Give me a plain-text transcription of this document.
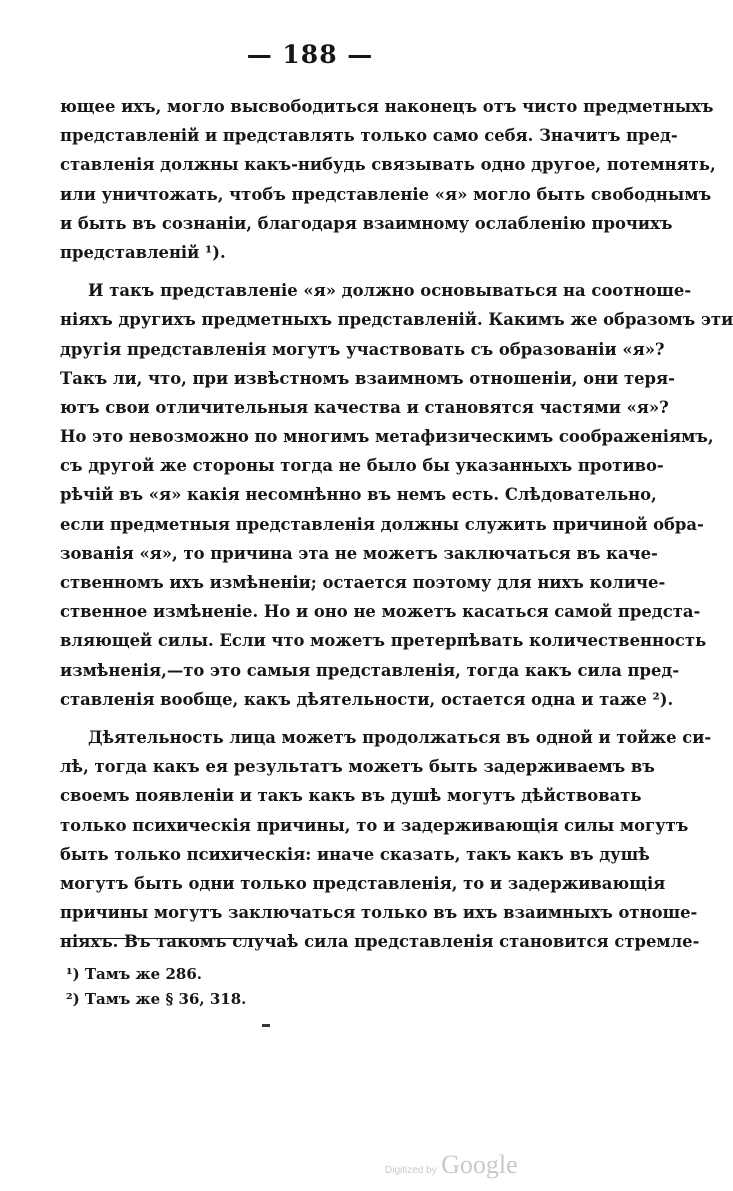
— 188 —
ющее ихъ, могло высвободиться наконецъ отъ чисто предметныхъ
представленій и представлять только само себя. Значитъ пред-
ставленія должны какъ-нибудь связывать одно другое, потемнять,
или уничтожать, чтобъ представленіе «я» могло быть свободнымъ
и быть въ сознаніи, благодаря взаимному ослабленію прочихъ
представленій ¹).
И такъ представленіе «я» должно основываться на соотноше-
ніяхъ другихъ предметныхъ представленій. Какимъ же образомъ эти
другія представленія могутъ участвовать съ образованіи «я»?
Такъ ли, что, при извѣстномъ взаимномъ отношеніи, они теря-
ютъ свои отличительныя качества и становятся частями «я»?
Но это невозможно по многимъ метафизическимъ соображеніямъ,
съ другой же стороны тогда не было бы указанныхъ противо-
рѣчій въ «я» какія несомнѣнно въ немъ есть. Слѣдовательно,
если предметныя представленія должны служить причиной обра-
зованія «я», то причина эта не можетъ заключаться въ каче-
ственномъ ихъ измѣненіи; остается поэтому для нихъ количе-
ственное измѣненіе. Но и оно не можетъ касаться самой предста-
вляющей силы. Если что можетъ претерпѣвать количественность
измѣненія,—то это самыя представленія, тогда какъ сила пред-
ставленія вообще, какъ дѣятельности, остается одна и таже ²).
Дѣятельность лица можетъ продолжаться въ одной и тойже си-
лѣ, тогда какъ ея результатъ можетъ быть задерживаемъ въ
своемъ появленіи и такъ какъ въ душѣ могутъ дѣйствовать
только психическія причины, то и задерживающія силы могутъ
быть только психическія: иначе сказать, такъ какъ въ душѣ
могутъ быть одни только представленія, то и задерживающія
причины могутъ заключаться только въ ихъ взаимныхъ отноше-
ніяхъ. Въ такомъ случаѣ сила представленія становится стремле-
¹) Тамъ же 286.
²) Тамъ же § 36, 318.
Digitized by Google
